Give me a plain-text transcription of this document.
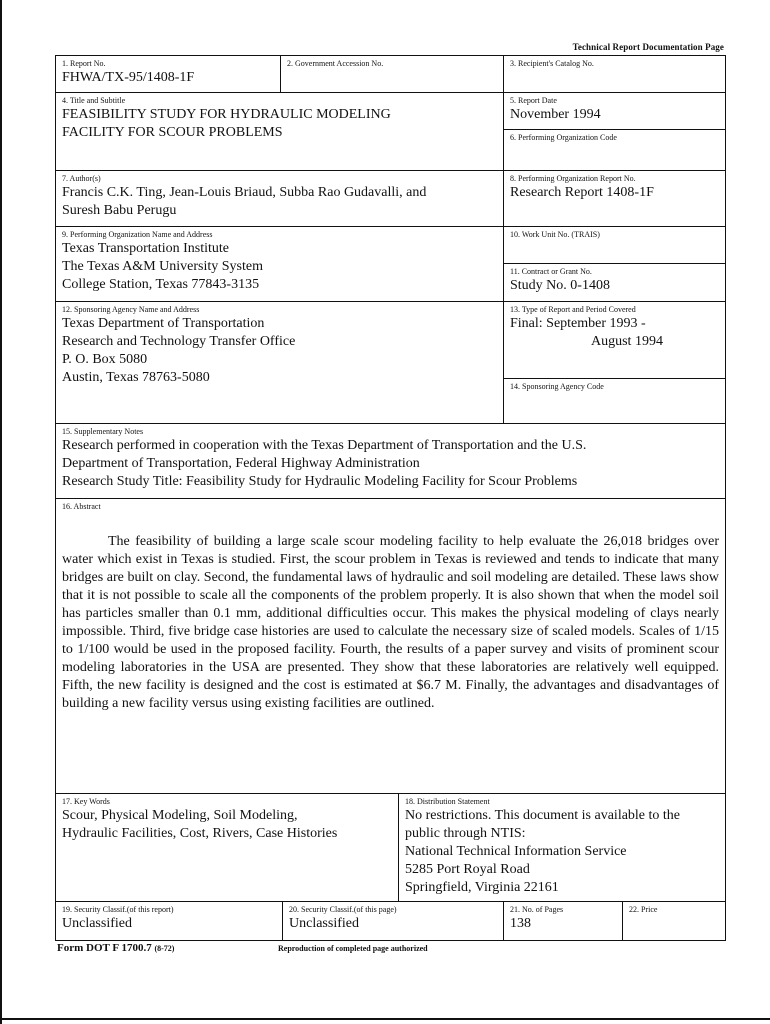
Technical Report Documentation Page
1. Report No.
FHWA/TX-95/1408-1F
2. Government Accession No.	3. Recipient's Catalog No.
4. Title and Subtitle
FEASIBILITY STUDY FOR HYDRAULIC MODELING
FACILITY FOR SCOUR PROBLEMS
5. Report Date
November 1994
6. Performing Organization Code
7. Author(s)
Francis C.K. Ting, Jean-Louis Briaud, Subba Rao Gudavalli, and
Suresh Babu Perugu
8. Performing Organization Report No.
Research Report 1408-1F
9. Performing Organization Name and Address
Texas Transportation Institute
The Texas A&M University System
College Station, Texas 77843-3135
10. Work Unit No. (TRAIS)
11. Contract or Grant No.
Study No. 0-1408
12. Sponsoring Agency Name and Address
Texas Department of Transportation
Research and Technology Transfer Office
P. O. Box 5080
Austin, Texas 78763-5080
13. Type of Report and Period Covered
Final: September 1993 -
August 1994
14. Sponsoring Agency Code
15. Supplementary Notes
Research performed in cooperation with the Texas Department of Transportation and the U.S.
Department of Transportation, Federal Highway Administration
Research Study Title: Feasibility Study for Hydraulic Modeling Facility for Scour Problems
16. Abstract
The feasibility of building a large scale scour modeling facility to help evaluate the 26,018 bridges over water which exist in Texas is studied. First, the scour problem in Texas is reviewed and tends to indicate that many bridges are built on clay. Second, the fundamental laws of hydraulic and soil modeling are detailed. These laws show that it is not possible to scale all the components of the problem properly. It is also shown that when the model soil has particles smaller than 0.1 mm, additional difficulties occur. This makes the physical modeling of clays nearly impossible. Third, five bridge case histories are used to calculate the necessary size of scaled models. Scales of 1/15 to 1/100 would be used in the proposed facility. Fourth, the results of a paper survey and visits of prominent scour modeling laboratories in the USA are presented. They show that these laboratories are relatively well equipped. Fifth, the new facility is designed and the cost is estimated at $6.7 M. Finally, the advantages and disadvantages of building a new facility versus using existing facilities are outlined.
17. Key Words
Scour, Physical Modeling, Soil Modeling,
Hydraulic Facilities, Cost, Rivers, Case Histories
18. Distribution Statement
No restrictions. This document is available to the
public through NTIS:
National Technical Information Service
5285 Port Royal Road
Springfield, Virginia 22161
19. Security Classif.(of this report)
Unclassified
20. Security Classif.(of this page)
Unclassified
21. No. of Pages
138
22. Price
Form DOT F 1700.7 (8-72)	Reproduction of completed page authorized
